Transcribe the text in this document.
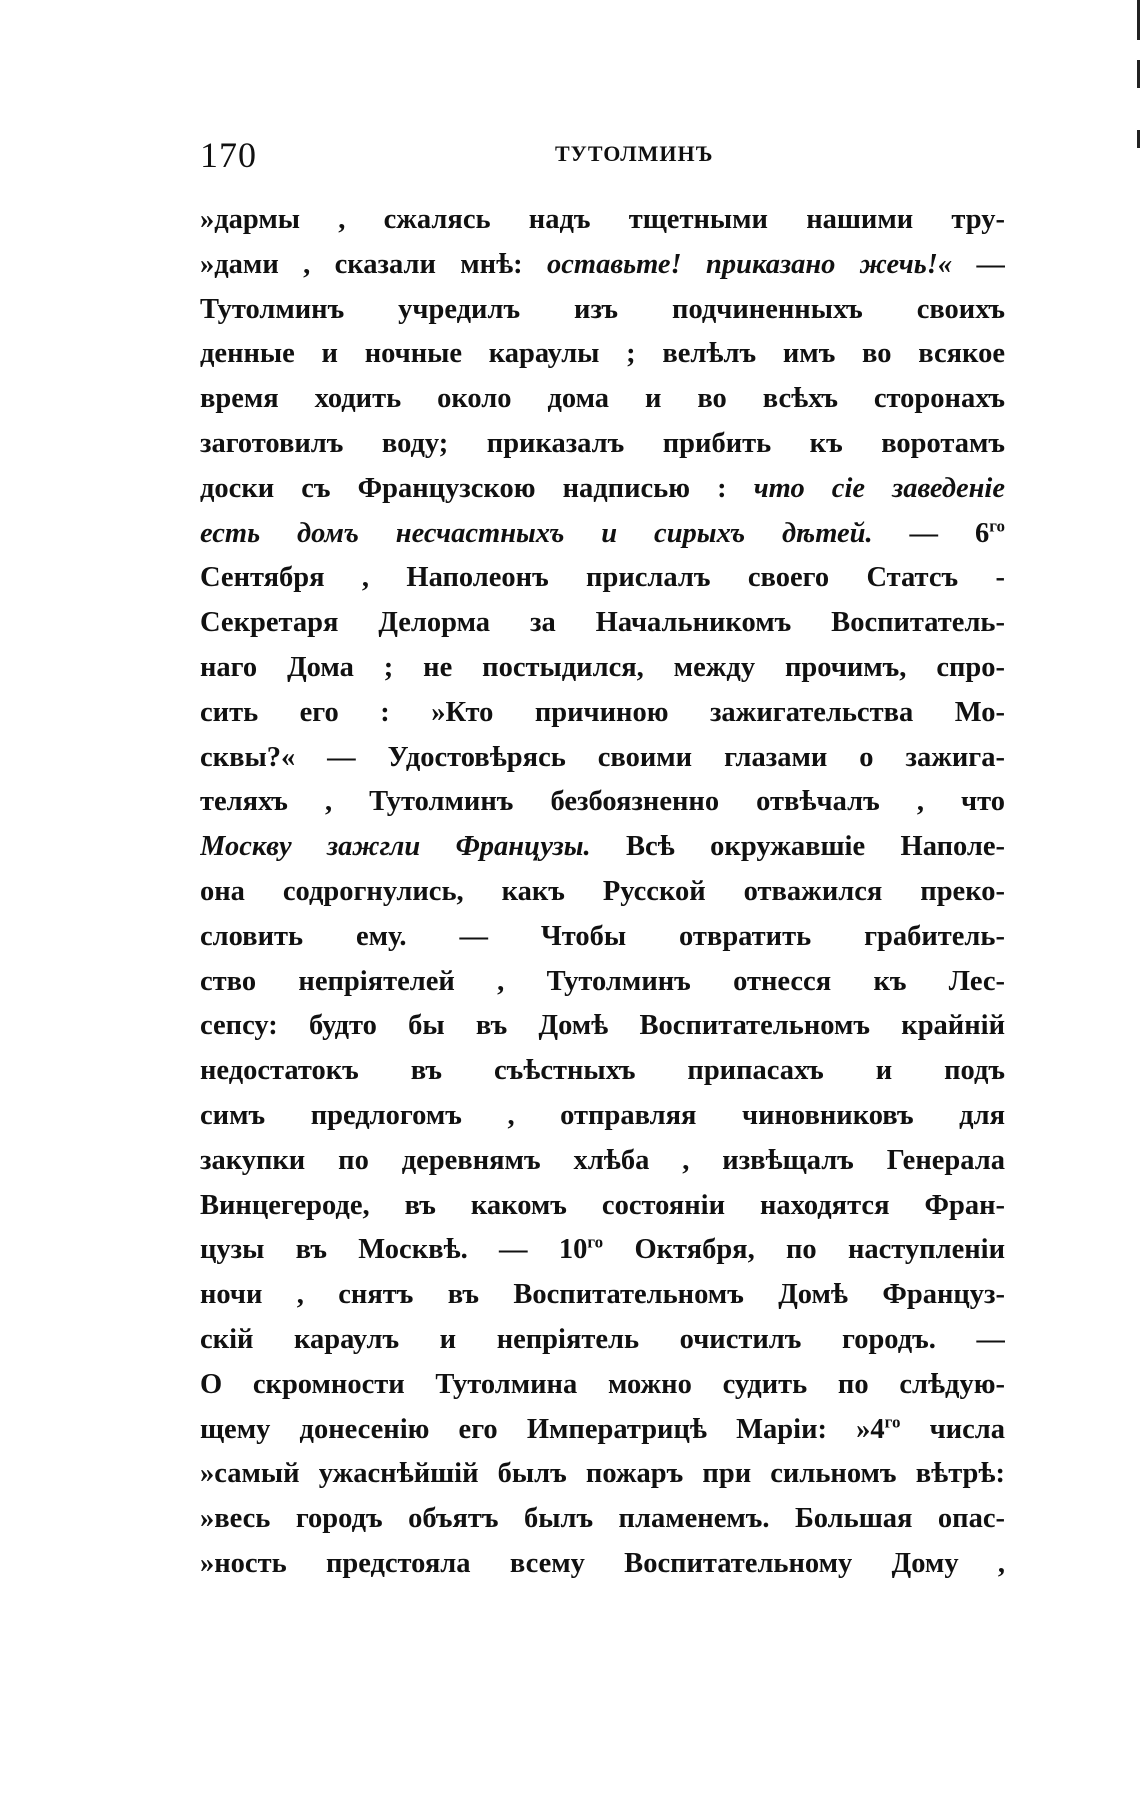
170	ТУТОЛМИНЪ
»дармы , сжалясь надъ тщетными нашими тру-
»дами , сказали мнѣ: оставьте! приказано жечь!« —
Тутолминъ учредилъ изъ подчиненныхъ своихъ
денные и ночные караулы ; велѣлъ имъ во всякое
время ходить около дома и во всѣхъ сторонахъ
заготовилъ воду; приказалъ прибить къ воротамъ
доски съ Французскою надписью : что сіе заведеніе
есть домъ несчастныхъ и сирыхъ дѣтей. — $6^{го}$
Сентября , Наполеонъ прислалъ своего Статсъ -
Секретаря Делорма за Начальникомъ Воспитатель-
наго Дома ; не постыдился, между прочимъ, спро-
сить его : »Кто причиною зажигательства Мо-
сквы?« — Удостовѣрясь своими глазами о зажига-
теляхъ , Тутолминъ безбоязненно отвѣчалъ , что
Москву зажгли Французы. Всѣ окружавшіе Наполе-
она содрогнулись, какъ Русской отважился прeко-
словить ему. — Чтобы отвратить грабитель-
ство непріятелей , Тутолминъ отнесся къ Лес-
сепсу: будто бы въ Домѣ Воспитательномъ крайній
недостатокъ въ съѣстныхъ припасахъ и подъ
симъ предлогомъ , отправляя чиновниковъ для
закупки по деревнямъ хлѣба , извѣщалъ Генерала
Винцегероде, въ какомъ состояніи находятся Фран-
цузы въ Москвѣ. — $10^{го}$ Октября, по наступленіи
ночи , снятъ въ Воспитательномъ Домѣ Француз-
скій караулъ и непріятель очистилъ городъ. —
О скромности Тутолмина можно судить по слѣдую-
щему донесенію его Императрицѣ Маріи: $»4^{го}$ числа
»самый ужаснѣйшій былъ пожаръ при сильномъ вѣтрѣ:
»весь городъ объятъ былъ пламенемъ. Большая опас-
»ность предстояла всему Воспитательному Дому ,
